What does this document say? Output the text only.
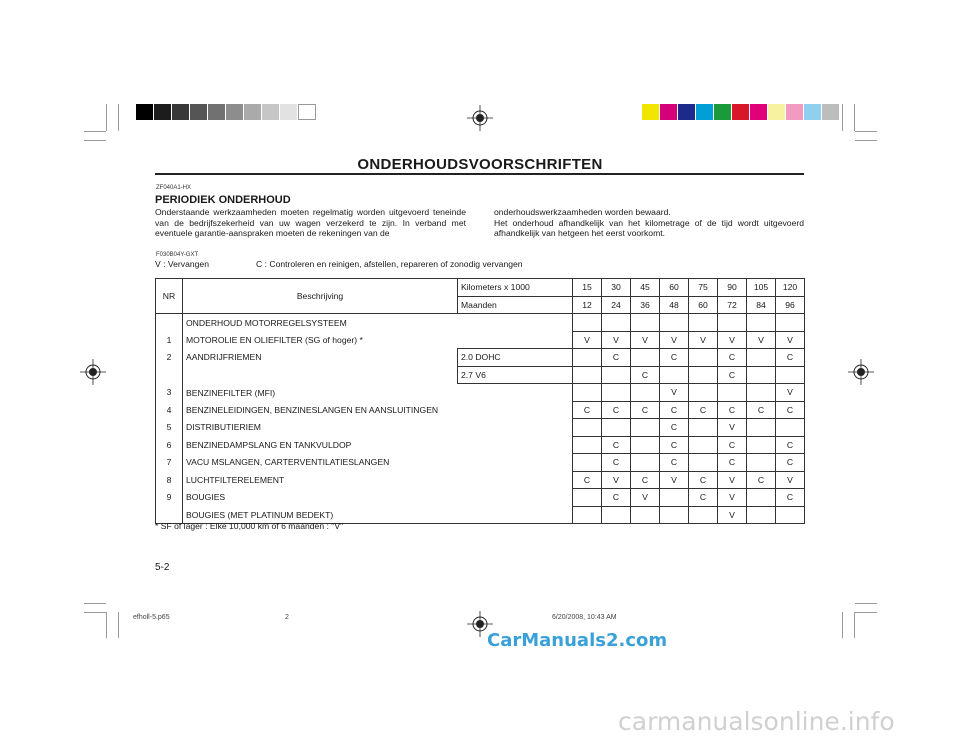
ONDERHOUDSVOORSCHRIFTEN
ZF040A1-HX
PERIODIEK ONDERHOUD
Onderstaande werkzaamheden moeten regelmatig worden uitgevoerd teneinde van de bedrijfszekerheid van uw wagen verzekerd te zijn. In verband met eventuele garantie-aanspraken moeten de rekeningen van de
onderhoudswerkzaamheden worden bewaard.
Het onderhoud afhandkelijk van het kilometrage of de tijd wordt uitgevoerd afhandkelijk van hetgeen het eerst voorkomt.
F030B04Y-GXT
V : Vervangen	C : Controleren en reinigen, afstellen, repareren of zonodig vervangen
NR	Beschrijving	Kilometers x 1000	15	30	45	60	75	90	105	120
		Maanden	12	24	36	48	60	72	84	96
	ONDERHOUD MOTORREGELSYSTEEM									
1	MOTOROLIE EN OLIEFILTER (SG of hoger) *		V	V	V	V	V	V	V	V
2	AANDRIJFRIEMEN	2.0 DOHC		C		C		C		C
		2.7 V6			C			C		
3	BENZINEFILTER (MFI)					V				V
4	BENZINELEIDINGEN, BENZINESLANGEN EN AANSLUITINGEN		C	C	C	C	C	C	C	C
5	DISTRIBUTIERIEM					C		V		
6	BENZINEDAMPSLANG EN TANKVULDOP			C		C		C		C
7	VACU MSLANGEN, CARTERVENTILATIESLANGEN			C		C		C		C
8	LUCHTFILTERELEMENT		C	V	C	V	C	V	C	V
9	BOUGIES			C	V		C	V		C
	BOUGIES (MET PLATINUM BEDEKT)							V		
* SF of lager : Elke 10,000 km of 6 maanden : "V"
5-2
efholl-5.p65	2	6/20/2008, 10:43 AM
CarManuals2.com
carmanualsonline.info
